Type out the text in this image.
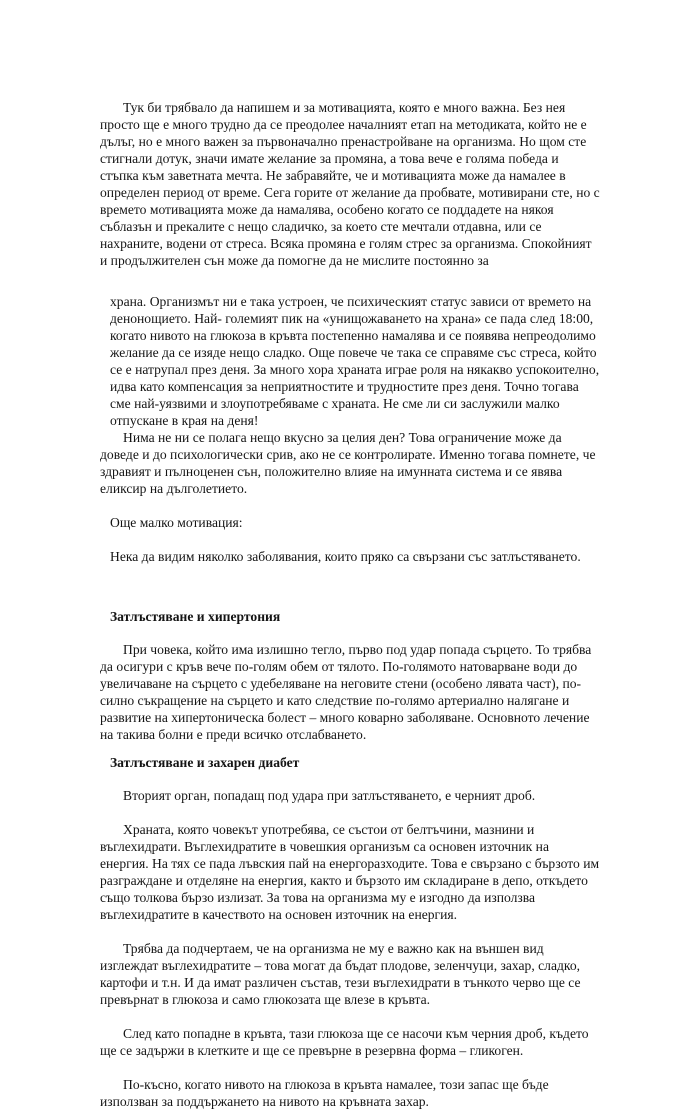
Тук би трябвало да напишем и за мотивацията, която е много важна. Без нея просто ще е много трудно да се преодолее началният етап на методиката, който не е дълъг, но е много важен за първоначално пренастройване на организма. Но щом сте стигнали дотук, значи имате желание за промяна, а това вече е голяма победа и стъпка към заветната мечта. Не забравяйте, че и мотивацията може да намалее в определен период от време. Сега горите от желание да пробвате, мотивирани сте, но с времето мотивацията може да намалява, особено когато се поддадете на някоя съблазън и прекалите с нещо сладичко, за което сте мечтали отдавна, или се нахраните, водени от стреса. Всяка промяна е голям стрес за организма. Спокойният и продължителен сън може да помогне да не мислите постоянно за

храна. Организмът ни е така устроен, че психическият статус зависи от времето на денонощието. Най- големият пик на «унищожаването на храна» се пада след 18:00, когато нивото на глюкоза в кръвта постепенно намалява и се появява непреодолимо желание да се изяде нещо сладко. Още повече че така се справяме със стреса, който се е натрупал през деня. За много хора храната играе роля на някакво успокоително, идва като компенсация за неприятностите и трудностите през деня. Точно тогава сме най-уязвими и злоупотребяваме с храната. Не сме ли си заслужили малко отпускане в края на деня!

Нима не ни се полага нещо вкусно за целия ден? Това ограничение може да доведе и до психологически срив, ако не се контролирате. Именно тогава помнете, че здравият и пълноценен сън, положително влияе на имунната система и се явява еликсир на дълголетието.

Още малко мотивация:

Нека да видим няколко заболявания, които пряко са свързани със затлъстяването.

Затлъстяване и хипертония

При човека, който има излишно тегло, първо под удар попада сърцето. То трябва да осигури с кръв вече по-голям обем от тялото. По-голямото натоварване води до увеличаване на сърцето с удебеляване на неговите стени (особено лявата част), по-силно съкращение на сърцето и като следствие по-голямо артериално налягане и развитие на хипертоническа болест – много коварно заболяване. Основното лечение на такива болни е преди всичко отслабването.

Затлъстяване и захарен диабет

Вторият орган, попадащ под удара при затлъстяването, е черният дроб.

Храната, която човекът употребява, се състои от белтъчини, мазнини и въглехидрати. Въглехидратите в човешкия организъм са основен източник на енергия. На тях се пада лъвския пай на енергоразходите. Това е свързано с бързото им разграждане и отделяне на енергия, както и бързото им складиране в депо, откъдето също толкова бързо излизат. За това на организма му е изгодно да използва въглехидратите в качеството на основен източник на енергия.

Трябва да подчертаем, че на организма не му е важно как на външен вид изглеждат въглехидратите – това могат да бъдат плодове, зеленчуци, захар, сладко, картофи и т.н. И да имат различен състав, тези въглехидрати в тънкото черво ще се превърнат в глюкоза и само глюкозата ще влезе в кръвта.

След като попадне в кръвта, тази глюкоза ще се насочи към черния дроб, където ще се задържи в клетките и ще се превърне в резервна форма – гликоген.

По-късно, когато нивото на глюкоза в кръвта намалее, този запас ще бъде използван за поддържането на нивото на кръвната захар.
